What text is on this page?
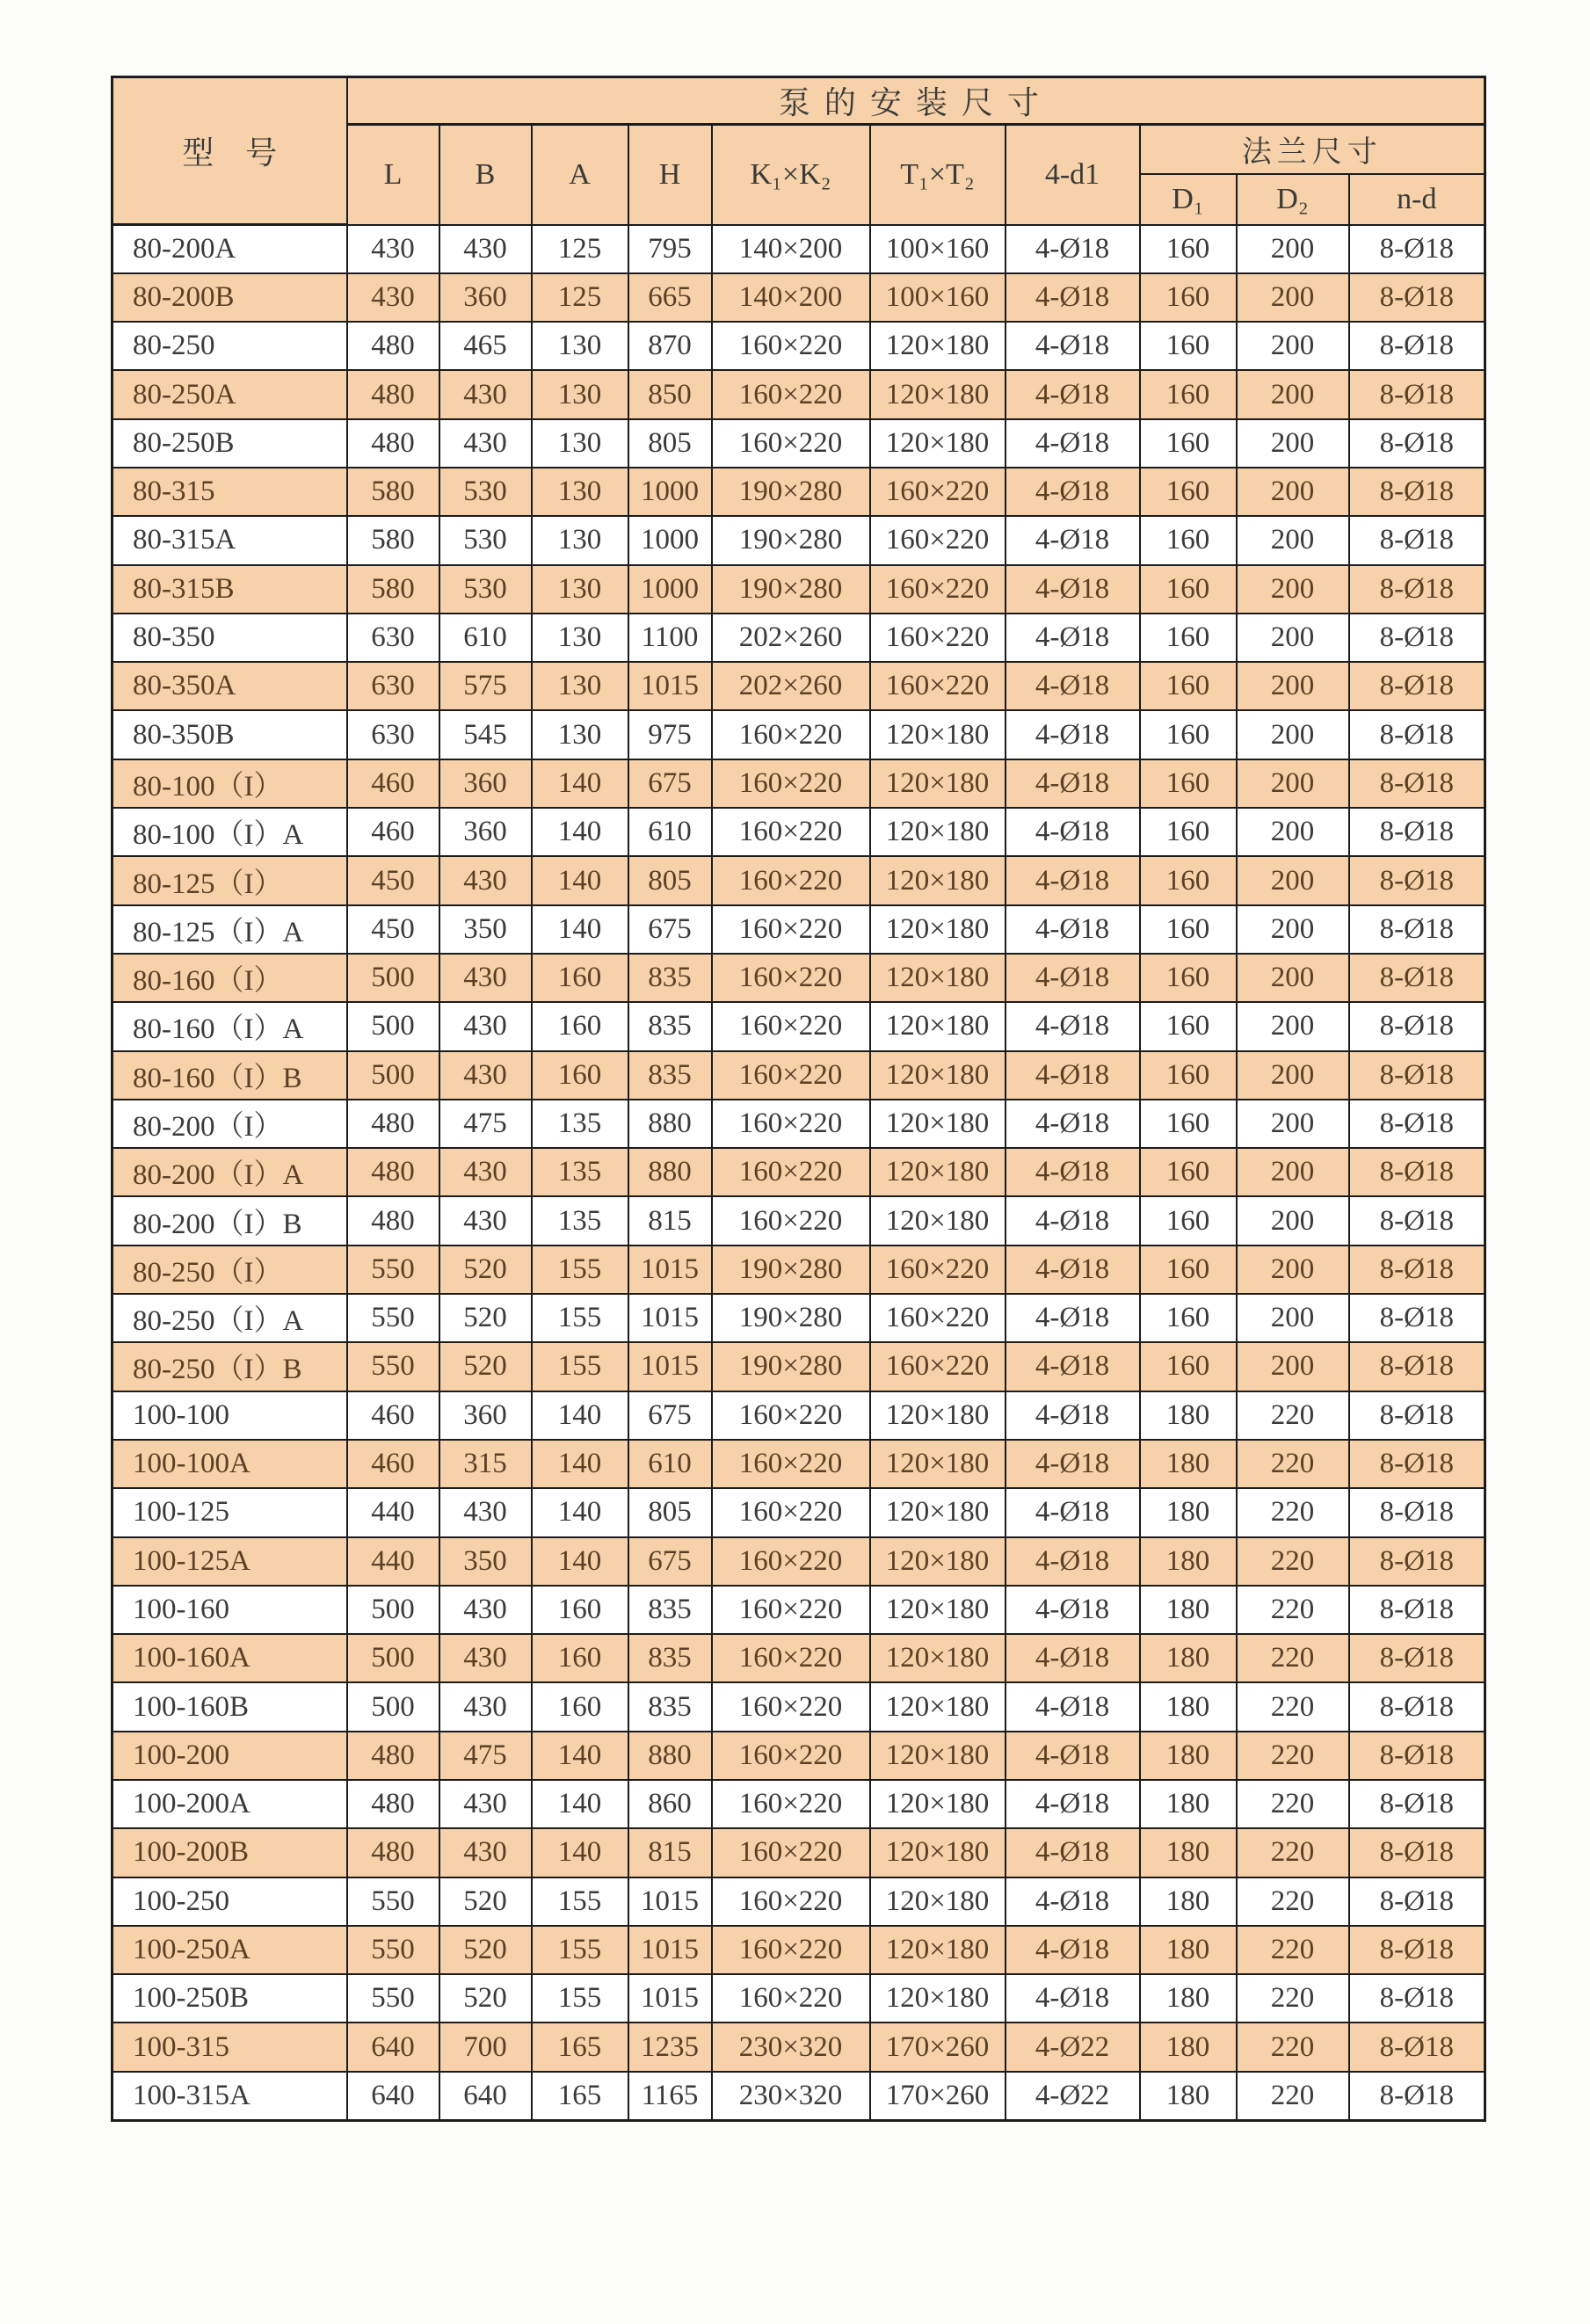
型号	泵的安装尺寸									
	L	B	A	H	K₁×K₂	T₁×T₂	4-d1	法兰尺寸		
								D₁	D₂	n-d
80-200A	430	430	125	795	140×200	100×160	4-Ø18	160	200	8-Ø18
80-200B	430	360	125	665	140×200	100×160	4-Ø18	160	200	8-Ø18
80-250	480	465	130	870	160×220	120×180	4-Ø18	160	200	8-Ø18
80-250A	480	430	130	850	160×220	120×180	4-Ø18	160	200	8-Ø18
80-250B	480	430	130	805	160×220	120×180	4-Ø18	160	200	8-Ø18
80-315	580	530	130	1000	190×280	160×220	4-Ø18	160	200	8-Ø18
80-315A	580	530	130	1000	190×280	160×220	4-Ø18	160	200	8-Ø18
80-315B	580	530	130	1000	190×280	160×220	4-Ø18	160	200	8-Ø18
80-350	630	610	130	1100	202×260	160×220	4-Ø18	160	200	8-Ø18
80-350A	630	575	130	1015	202×260	160×220	4-Ø18	160	200	8-Ø18
80-350B	630	545	130	975	160×220	120×180	4-Ø18	160	200	8-Ø18
80-100（I）	460	360	140	675	160×220	120×180	4-Ø18	160	200	8-Ø18
80-100（I）A	460	360	140	610	160×220	120×180	4-Ø18	160	200	8-Ø18
80-125（I）	450	430	140	805	160×220	120×180	4-Ø18	160	200	8-Ø18
80-125（I）A	450	350	140	675	160×220	120×180	4-Ø18	160	200	8-Ø18
80-160（I）	500	430	160	835	160×220	120×180	4-Ø18	160	200	8-Ø18
80-160（I）A	500	430	160	835	160×220	120×180	4-Ø18	160	200	8-Ø18
80-160（I）B	500	430	160	835	160×220	120×180	4-Ø18	160	200	8-Ø18
80-200（I）	480	475	135	880	160×220	120×180	4-Ø18	160	200	8-Ø18
80-200（I）A	480	430	135	880	160×220	120×180	4-Ø18	160	200	8-Ø18
80-200（I）B	480	430	135	815	160×220	120×180	4-Ø18	160	200	8-Ø18
80-250（I）	550	520	155	1015	190×280	160×220	4-Ø18	160	200	8-Ø18
80-250（I）A	550	520	155	1015	190×280	160×220	4-Ø18	160	200	8-Ø18
80-250（I）B	550	520	155	1015	190×280	160×220	4-Ø18	160	200	8-Ø18
100-100	460	360	140	675	160×220	120×180	4-Ø18	180	220	8-Ø18
100-100A	460	315	140	610	160×220	120×180	4-Ø18	180	220	8-Ø18
100-125	440	430	140	805	160×220	120×180	4-Ø18	180	220	8-Ø18
100-125A	440	350	140	675	160×220	120×180	4-Ø18	180	220	8-Ø18
100-160	500	430	160	835	160×220	120×180	4-Ø18	180	220	8-Ø18
100-160A	500	430	160	835	160×220	120×180	4-Ø18	180	220	8-Ø18
100-160B	500	430	160	835	160×220	120×180	4-Ø18	180	220	8-Ø18
100-200	480	475	140	880	160×220	120×180	4-Ø18	180	220	8-Ø18
100-200A	480	430	140	860	160×220	120×180	4-Ø18	180	220	8-Ø18
100-200B	480	430	140	815	160×220	120×180	4-Ø18	180	220	8-Ø18
100-250	550	520	155	1015	160×220	120×180	4-Ø18	180	220	8-Ø18
100-250A	550	520	155	1015	160×220	120×180	4-Ø18	180	220	8-Ø18
100-250B	550	520	155	1015	160×220	120×180	4-Ø18	180	220	8-Ø18
100-315	640	700	165	1235	230×320	170×260	4-Ø22	180	220	8-Ø18
100-315A	640	640	165	1165	230×320	170×260	4-Ø22	180	220	8-Ø18
